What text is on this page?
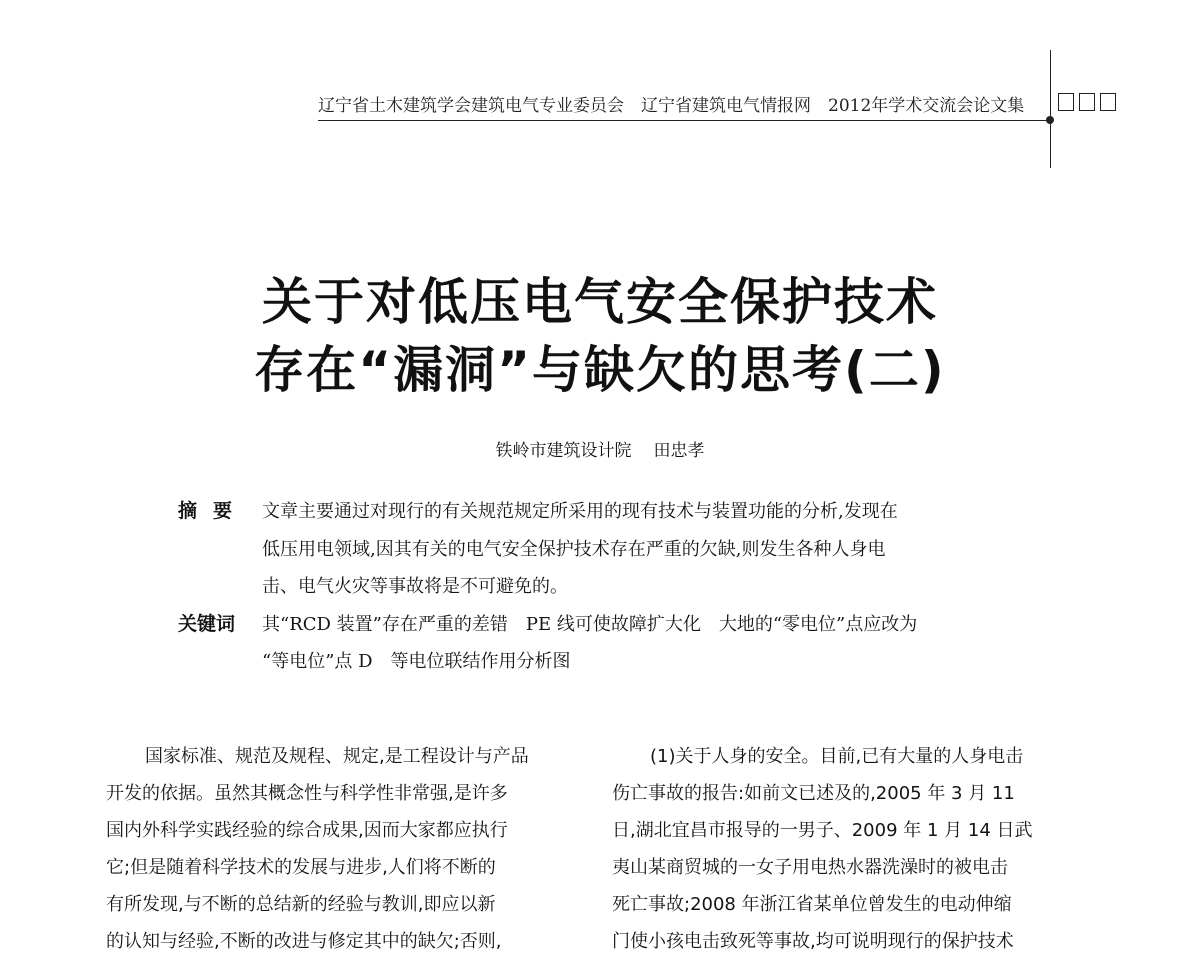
辽宁省土木建筑学会建筑电气专业委员会　辽宁省建筑电气情报网　2012年学术交流会论文集
关于对低压电气安全保护技术
存在“漏洞”与缺欠的思考(二)
铁岭市建筑设计院 田忠孝
摘要 文章主要通过对现行的有关规范规定所采用的现有技术与装置功能的分析,发现在
低压用电领域,因其有关的电气安全保护技术存在严重的欠缺,则发生各种人身电
击、电气火灾等事故将是不可避免的。
关键词 其“RCD 装置”存在严重的差错　PE 线可使故障扩大化　大地的“零电位”点应改为
“等电位”点 D　等电位联结作用分析图
国家标准、规范及规程、规定,是工程设计与产品
开发的依据。虽然其概念性与科学性非常强,是许多
国内外科学实践经验的综合成果,因而大家都应执行
它;但是随着科学技术的发展与进步,人们将不断的
有所发现,与不断的总结新的经验与教训,即应以新
的认知与经验,不断的改进与修定其中的缺欠;否则,
(1)关于人身的安全。目前,已有大量的人身电击
伤亡事故的报告:如前文已述及的,2005 年 3 月 11
日,湖北宜昌市报导的一男子、2009 年 1 月 14 日武
夷山某商贸城的一女子用电热水器洗澡时的被电击
死亡事故;2008 年浙江省某单位曾发生的电动伸缩
门使小孩电击致死等事故,均可说明现行的保护技术
